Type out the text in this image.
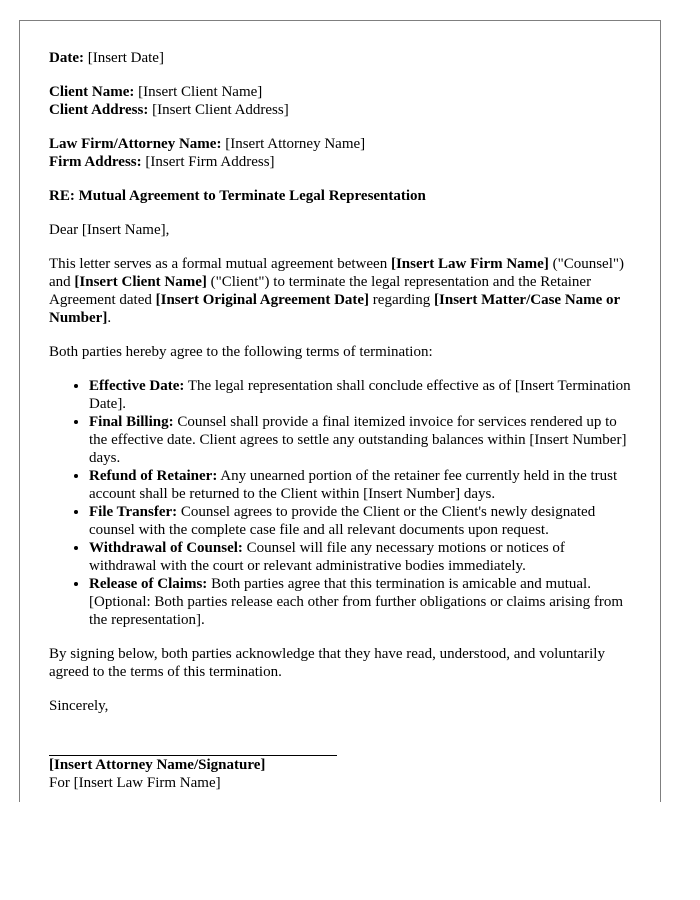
Date: [Insert Date]

Client Name: [Insert Client Name]

Client Address: [Insert Client Address]

Law Firm/Attorney Name: [Insert Attorney Name]

Firm Address: [Insert Firm Address]

RE: Mutual Agreement to Terminate Legal Representation

Dear [Insert Name],

This letter serves as a formal mutual agreement between [Insert Law Firm Name] ("Counsel") and [Insert Client Name] ("Client") to terminate the legal representation and the Retainer Agreement dated [Insert Original Agreement Date] regarding [Insert Matter/Case Name or Number].

Both parties hereby agree to the following terms of termination:

• Effective Date: The legal representation shall conclude effective as of [Insert Termination Date].
• Final Billing: Counsel shall provide a final itemized invoice for services rendered up to the effective date. Client agrees to settle any outstanding balances within [Insert Number] days.
• Refund of Retainer: Any unearned portion of the retainer fee currently held in the trust account shall be returned to the Client within [Insert Number] days.
• File Transfer: Counsel agrees to provide the Client or the Client's newly designated counsel with the complete case file and all relevant documents upon request.
• Withdrawal of Counsel: Counsel will file any necessary motions or notices of withdrawal with the court or relevant administrative bodies immediately.
• Release of Claims: Both parties agree that this termination is amicable and mutual. [Optional: Both parties release each other from further obligations or claims arising from the representation].

By signing below, both parties acknowledge that they have read, understood, and voluntarily agreed to the terms of this termination.

Sincerely,

[Insert Attorney Name/Signature]

For [Insert Law Firm Name]
